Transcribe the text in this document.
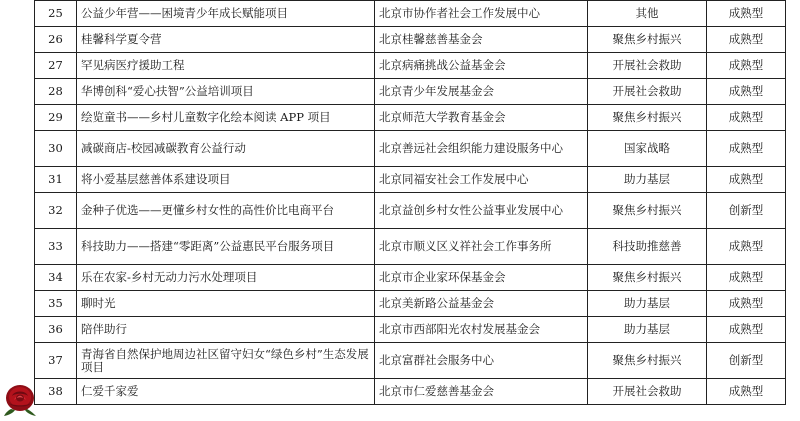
25	公益少年营——困境青少年成长赋能项目	北京市协作者社会工作发展中心	其他	成熟型
26	桂馨科学夏令营	北京桂馨慈善基金会	聚焦乡村振兴	成熟型
27	罕见病医疗援助工程	北京病痛挑战公益基金会	开展社会救助	成熟型
28	华博创科“爱心扶智”公益培训项目	北京青少年发展基金会	开展社会救助	成熟型
29	绘览童书——乡村儿童数字化绘本阅读 APP 项目	北京师范大学教育基金会	聚焦乡村振兴	成熟型
30	减碳商店-校园减碳教育公益行动	北京善远社会组织能力建设服务中心	国家战略	成熟型
31	将小爱基层慈善体系建设项目	北京同福安社会工作发展中心	助力基层	成熟型
32	金种子优选——更懂乡村女性的高性价比电商平台	北京益创乡村女性公益事业发展中心	聚焦乡村振兴	创新型
33	科技助力——搭建“零距离”公益惠民平台服务项目	北京市顺义区义祥社会工作事务所	科技助推慈善	成熟型
34	乐在农家-乡村无动力污水处理项目	北京市企业家环保基金会	聚焦乡村振兴	成熟型
35	聊时光	北京美新路公益基金会	助力基层	成熟型
36	陪伴助行	北京市西部阳光农村发展基金会	助力基层	成熟型
37	青海省自然保护地周边社区留守妇女“绿色乡村”生态发展项目	北京富群社会服务中心	聚焦乡村振兴	创新型
38	仁爱千家爱	北京市仁爱慈善基金会	开展社会救助	成熟型
